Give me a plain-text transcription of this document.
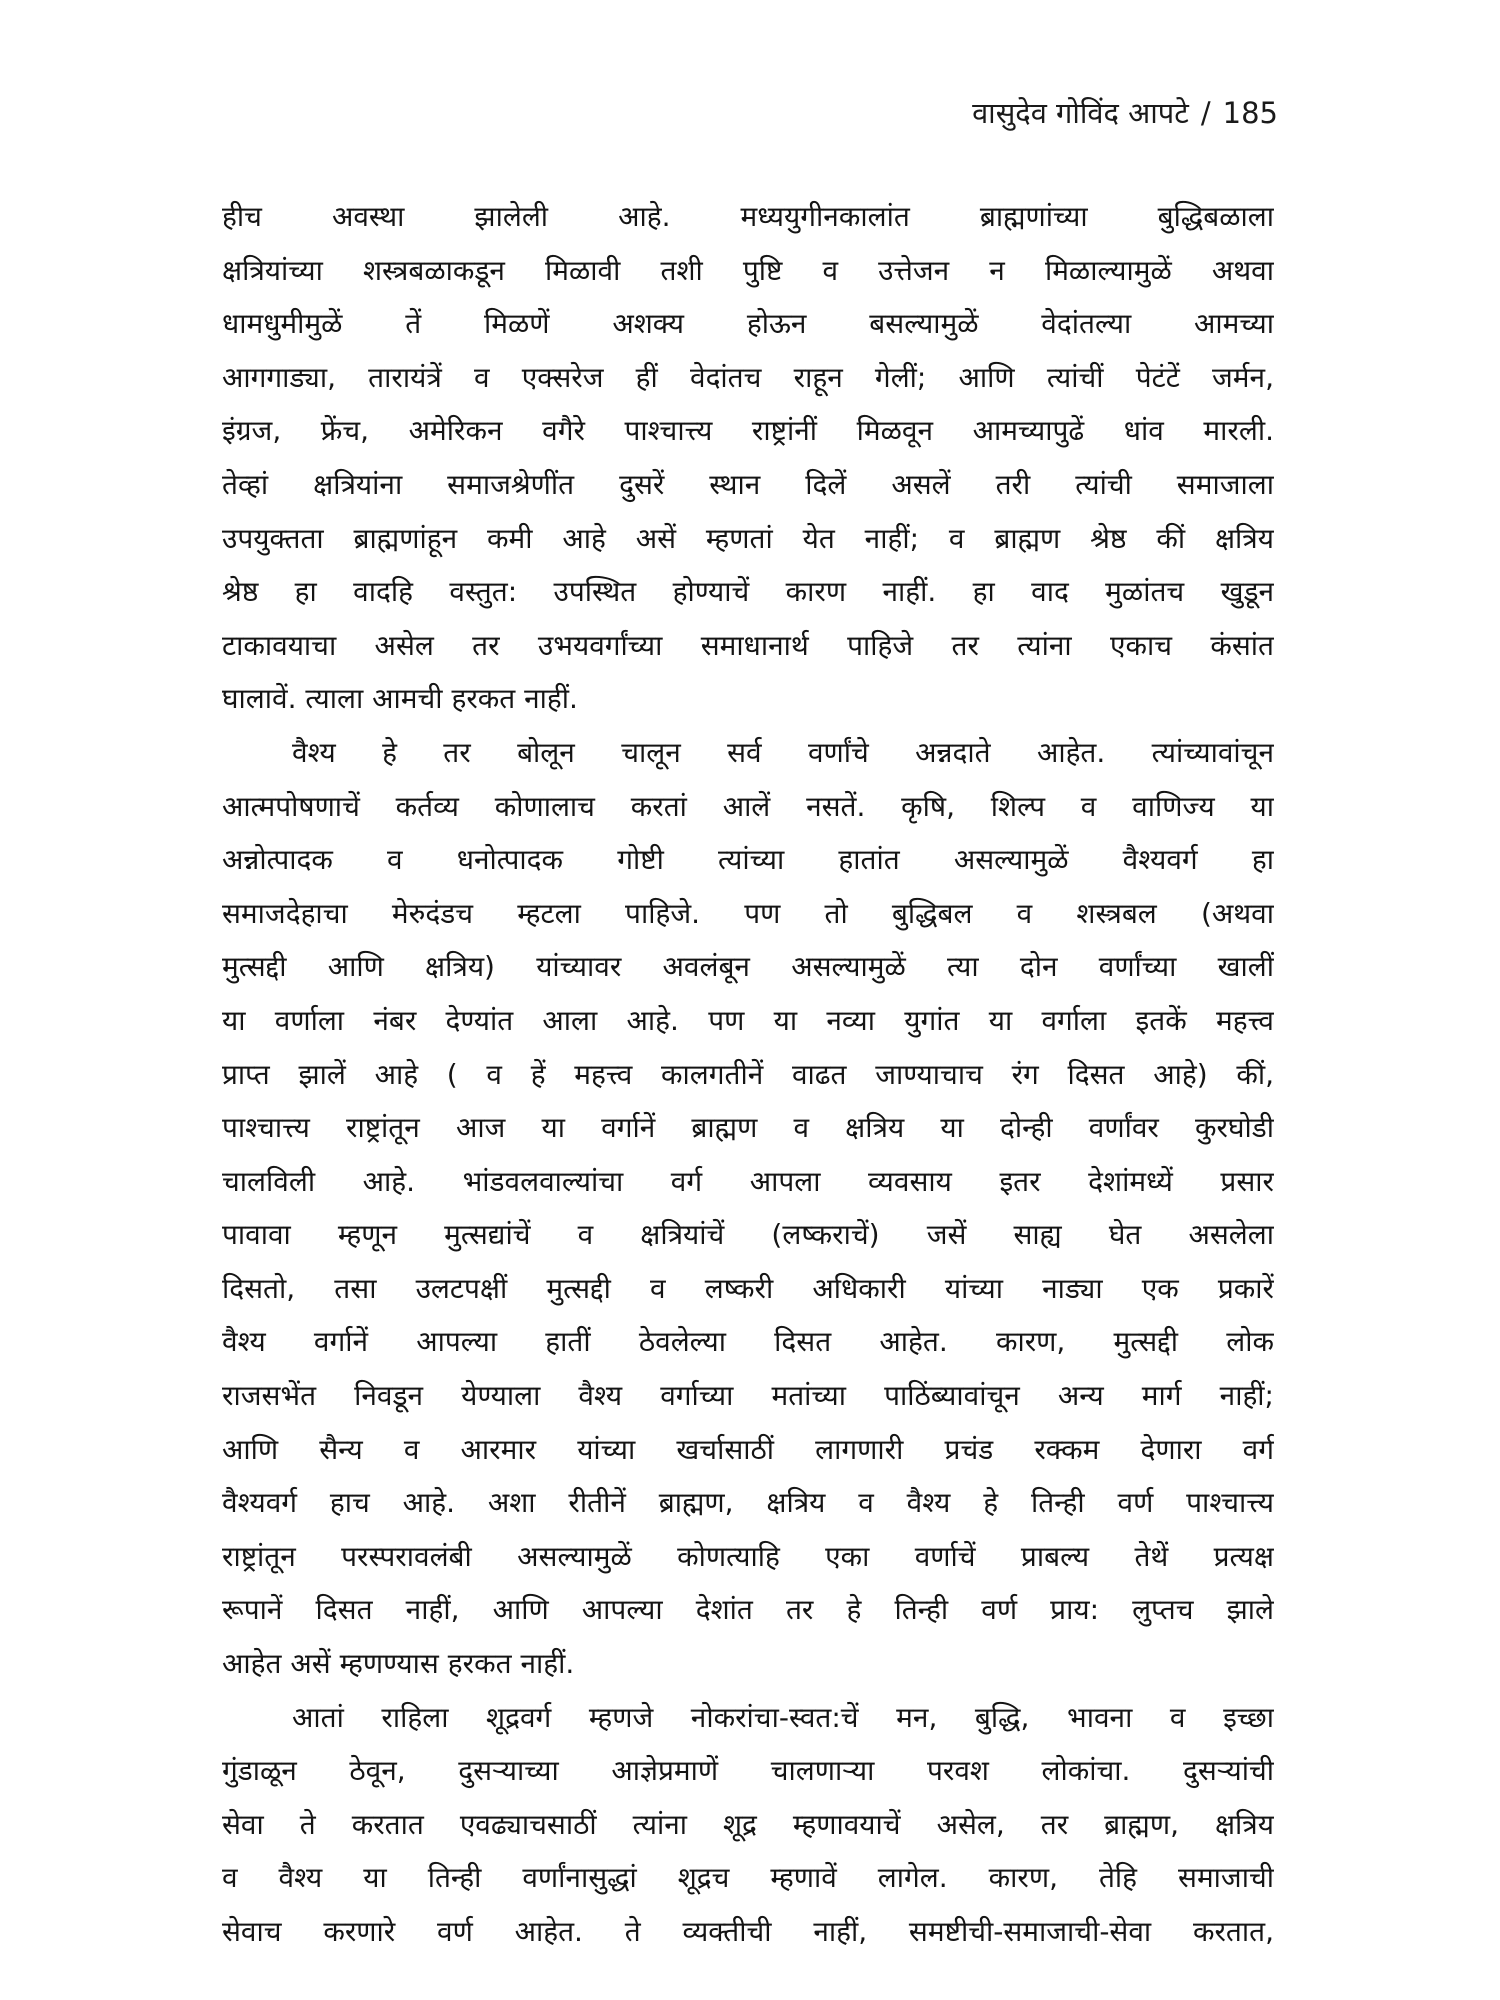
वासुदेव गोविंद आपटे / 185

हीच अवस्था झालेली आहे. मध्ययुगीनकालांत ब्राह्मणांच्या बुद्धिबळाला
क्षत्रियांच्या शस्त्रबळाकडून मिळावी तशी पुष्टि व उत्तेजन न मिळाल्यामुळें अथवा
धामधुमीमुळें तें मिळणें अशक्य होऊन बसल्यामुळें वेदांतल्या आमच्या
आगगाड्या, तारायंत्रें व एक्सरेज हीं वेदांतच राहून गेलीं; आणि त्यांचीं पेटंटें जर्मन,
इंग्रज, फ्रेंच, अमेरिकन वगैरे पाश्चात्त्य राष्ट्रांनीं मिळवून आमच्यापुढें धांव मारली.
तेव्हां क्षत्रियांना समाजश्रेणींत दुसरें स्थान दिलें असलें तरी त्यांची समाजाला
उपयुक्तता ब्राह्मणांहून कमी आहे असें म्हणतां येत नाहीं; व ब्राह्मण श्रेष्ठ कीं क्षत्रिय
श्रेष्ठ हा वादहि वस्तुत: उपस्थित होण्याचें कारण नाहीं. हा वाद मुळांतच खुडून
टाकावयाचा असेल तर उभयवर्गांच्या समाधानार्थ पाहिजे तर त्यांना एकाच कंसांत
घालावें. त्याला आमची हरकत नाहीं.

वैश्य हे तर बोलून चालून सर्व वर्णांचे अन्नदाते आहेत. त्यांच्यावांचून
आत्मपोषणाचें कर्तव्य कोणालाच करतां आलें नसतें. कृषि, शिल्प व वाणिज्य या
अन्नोत्पादक व धनोत्पादक गोष्टी त्यांच्या हातांत असल्यामुळें वैश्यवर्ग हा
समाजदेहाचा मेरुदंडच म्हटला पाहिजे. पण तो बुद्धिबल व शस्त्रबल (अथवा
मुत्सद्दी आणि क्षत्रिय) यांच्यावर अवलंबून असल्यामुळें त्या दोन वर्णांच्या खालीं
या वर्णाला नंबर देण्यांत आला आहे. पण या नव्या युगांत या वर्गाला इतकें महत्त्व
प्राप्त झालें आहे ( व हें महत्त्व कालगतीनें वाढत जाण्याचाच रंग दिसत आहे) कीं,
पाश्चात्त्य राष्ट्रांतून आज या वर्गानें ब्राह्मण व क्षत्रिय या दोन्ही वर्णांवर कुरघोडी
चालविली आहे. भांडवलवाल्यांचा वर्ग आपला व्यवसाय इतर देशांमध्यें प्रसार
पावावा म्हणून मुत्सद्यांचें व क्षत्रियांचें (लष्कराचें) जसें साह्य घेत असलेला
दिसतो, तसा उलटपक्षीं मुत्सद्दी व लष्करी अधिकारी यांच्या नाड्या एक प्रकारें
वैश्य वर्गानें आपल्या हातीं ठेवलेल्या दिसत आहेत. कारण, मुत्सद्दी लोक
राजसभेंत निवडून येण्याला वैश्य वर्गाच्या मतांच्या पाठिंब्यावांचून अन्य मार्ग नाहीं;
आणि सैन्य व आरमार यांच्या खर्चासाठीं लागणारी प्रचंड रक्कम देणारा वर्ग
वैश्यवर्ग हाच आहे. अशा रीतीनें ब्राह्मण, क्षत्रिय व वैश्य हे तिन्ही वर्ण पाश्चात्त्य
राष्ट्रांतून परस्परावलंबी असल्यामुळें कोणत्याहि एका वर्णाचें प्राबल्य तेथें प्रत्यक्ष
रूपानें दिसत नाहीं, आणि आपल्या देशांत तर हे तिन्ही वर्ण प्राय: लुप्तच झाले
आहेत असें म्हणण्यास हरकत नाहीं.

आतां राहिला शूद्रवर्ग म्हणजे नोकरांचा-स्वत:चें मन, बुद्धि, भावना व इच्छा
गुंडाळून ठेवून, दुसऱ्याच्या आज्ञेप्रमाणें चालणाऱ्या परवश लोकांचा. दुसऱ्यांची
सेवा ते करतात एवढ्याचसाठीं त्यांना शूद्र म्हणावयाचें असेल, तर ब्राह्मण, क्षत्रिय
व वैश्य या तिन्ही वर्णांनासुद्धां शूद्रच म्हणावें लागेल. कारण, तेहि समाजाची
सेवाच करणारे वर्ण आहेत. ते व्यक्तीची नाहीं, समष्टीची-समाजाची-सेवा करतात,
